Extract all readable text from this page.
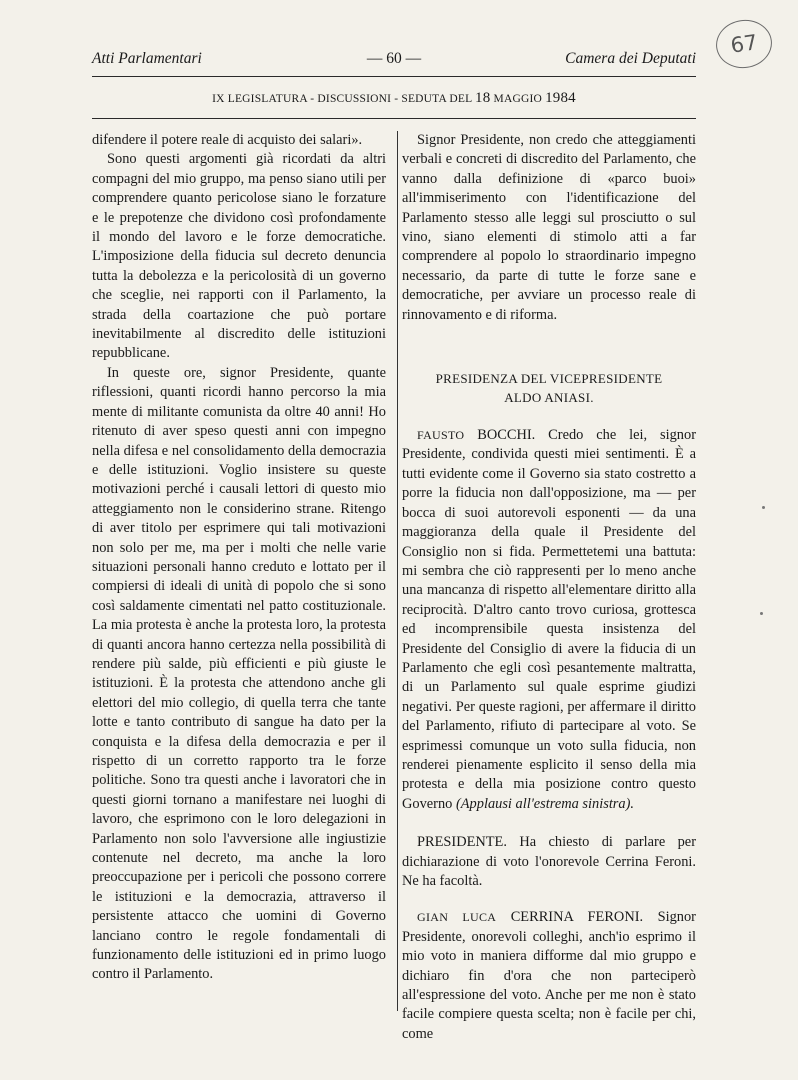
Atti Parlamentari	— 60 —	Camera dei Deputati
67
IX LEGISLATURA - DISCUSSIONI - SEDUTA DEL 18 MAGGIO 1984

difendere il potere reale di acquisto dei salari».

Sono questi argomenti già ricordati da altri compagni del mio gruppo, ma penso siano utili per comprendere quanto pericolose siano le forzature e le prepotenze che dividono così profondamente il mondo del lavoro e le forze democratiche. L'imposizione della fiducia sul decreto denuncia tutta la debolezza e la pericolosità di un governo che sceglie, nei rapporti con il Parlamento, la strada della coartazione che può portare inevitabilmente al discredito delle istituzioni repubblicane.

In queste ore, signor Presidente, quante riflessioni, quanti ricordi hanno percorso la mia mente di militante comunista da oltre 40 anni! Ho ritenuto di aver speso questi anni con impegno nella difesa e nel consolidamento della democrazia e delle istituzioni. Voglio insistere su queste motivazioni perché i causali lettori di questo mio atteggiamento non le considerino strane. Ritengo di aver titolo per esprimere qui tali motivazioni non solo per me, ma per i molti che nelle varie situazioni personali hanno creduto e lottato per il compiersi di ideali di unità di popolo che si sono così saldamente cimentati nel patto costituzionale. La mia protesta è anche la protesta loro, la protesta di quanti ancora hanno certezza nella possibilità di rendere più salde, più efficienti e più giuste le istituzioni. È la protesta che attendono anche gli elettori del mio collegio, di quella terra che tante lotte e tanto contributo di sangue ha dato per la conquista e la difesa della democrazia e per il rispetto di un corretto rapporto tra le forze politiche. Sono tra questi anche i lavoratori che in questi giorni tornano a manifestare nei luoghi di lavoro, che esprimono con le loro delegazioni in Parlamento non solo l'avversione alle ingiustizie contenute nel decreto, ma anche la loro preoccupazione per i pericoli che possono correre le istituzioni e la democrazia, attraverso il persistente attacco che uomini di Governo lanciano contro le regole fondamentali di funzionamento delle istituzioni ed in primo luogo contro il Parlamento.

Signor Presidente, non credo che atteggiamenti verbali e concreti di discredito del Parlamento, che vanno dalla definizione di «parco buoi» all'immiserimento con l'identificazione del Parlamento stesso alle leggi sul prosciutto o sul vino, siano elementi di stimolo atti a far comprendere al popolo lo straordinario impegno necessario, da parte di tutte le forze sane e democratiche, per avviare un processo reale di rinnovamento e di riforma.

PRESIDENZA DEL VICEPRESIDENTE
ALDO ANIASI.

FAUSTO BOCCHI. Credo che lei, signor Presidente, condivida questi miei sentimenti. È a tutti evidente come il Governo sia stato costretto a porre la fiducia non dall'opposizione, ma — per bocca di suoi autorevoli esponenti — da una maggioranza della quale il Presidente del Consiglio non si fida. Permettetemi una battuta: mi sembra che ciò rappresenti per lo meno anche una mancanza di rispetto all'elementare diritto alla reciprocità. D'altro canto trovo curiosa, grottesca ed incomprensibile questa insistenza del Presidente del Consiglio di avere la fiducia di un Parlamento che egli così pesantemente maltratta, di un Parlamento sul quale esprime giudizi negativi. Per queste ragioni, per affermare il diritto del Parlamento, rifiuto di partecipare al voto. Se esprimessi comunque un voto sulla fiducia, non renderei pienamente esplicito il senso della mia protesta e della mia posizione contro questo Governo (Applausi all'estrema sinistra).

PRESIDENTE. Ha chiesto di parlare per dichiarazione di voto l'onorevole Cerrina Feroni. Ne ha facoltà.

GIAN LUCA CERRINA FERONI. Signor Presidente, onorevoli colleghi, anch'io esprimo il mio voto in maniera difforme dal mio gruppo e dichiaro fin d'ora che non parteciperò all'espressione del voto. Anche per me non è stato facile compiere questa scelta; non è facile per chi, come
